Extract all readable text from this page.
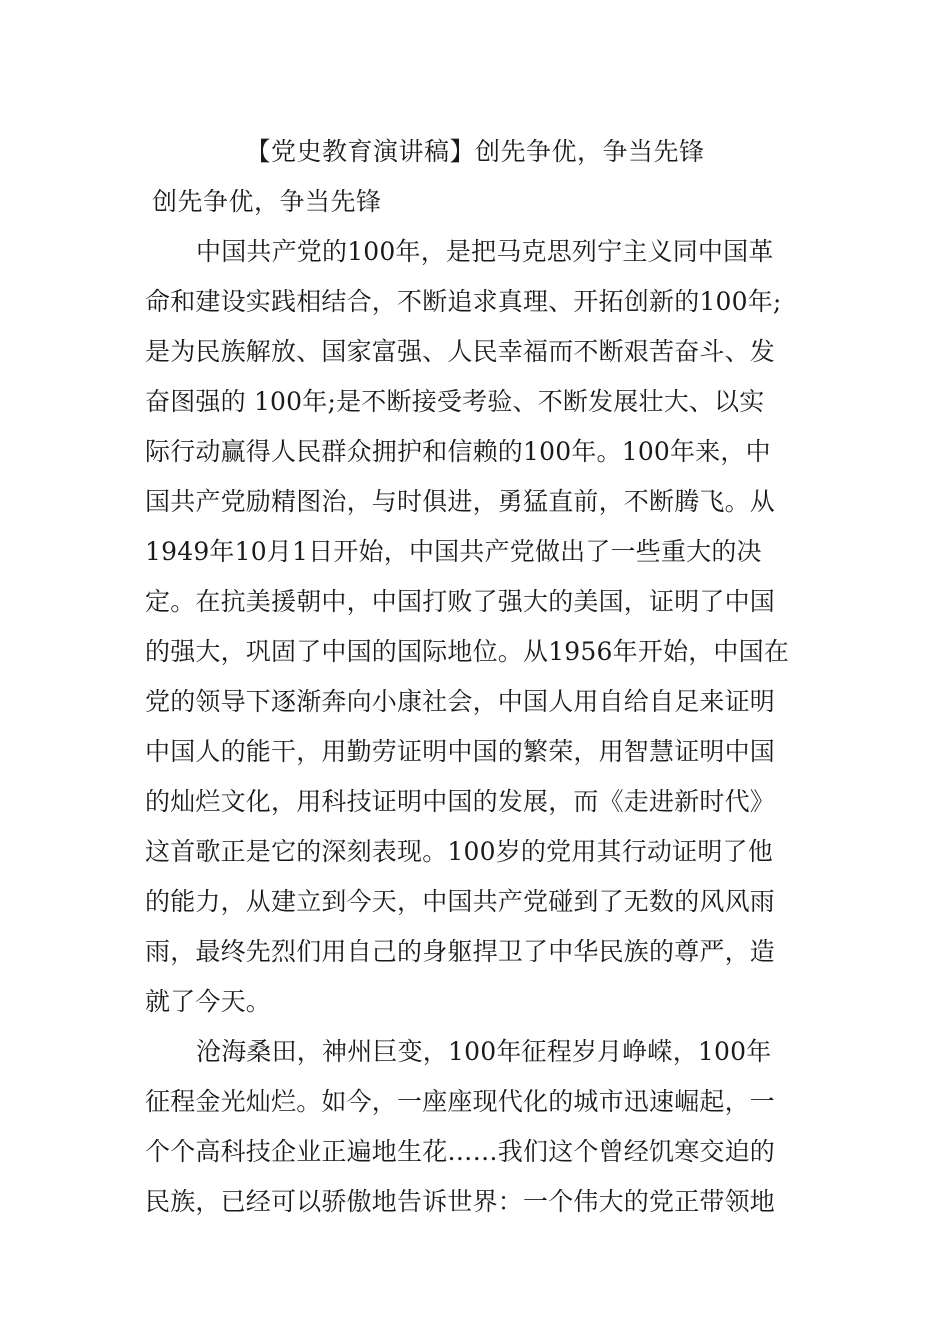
【党史教育演讲稿】创先争优，争当先锋
创先争优，争当先锋
中国共产党的100年，是把马克思列宁主义同中国革
命和建设实践相结合，不断追求真理、开拓创新的100年;
是为民族解放、国家富强、人民幸福而不断艰苦奋斗、发
奋图强的 100年;是不断接受考验、不断发展壮大、以实
际行动赢得人民群众拥护和信赖的100年。100年来，中
国共产党励精图治，与时俱进，勇猛直前，不断腾飞。从
1949年10月1日开始，中国共产党做出了一些重大的决
定。在抗美援朝中，中国打败了强大的美国，证明了中国
的强大，巩固了中国的国际地位。从1956年开始，中国在
党的领导下逐渐奔向小康社会，中国人用自给自足来证明
中国人的能干，用勤劳证明中国的繁荣，用智慧证明中国
的灿烂文化，用科技证明中国的发展，而《走进新时代》
这首歌正是它的深刻表现。100岁的党用其行动证明了他
的能力，从建立到今天，中国共产党碰到了无数的风风雨
雨，最终先烈们用自己的身躯捍卫了中华民族的尊严，造
就了今天。
沧海桑田，神州巨变，100年征程岁月峥嵘，100年
征程金光灿烂。如今，一座座现代化的城市迅速崛起，一
个个高科技企业正遍地生花……我们这个曾经饥寒交迫的
民族，已经可以骄傲地告诉世界：一个伟大的党正带领地
